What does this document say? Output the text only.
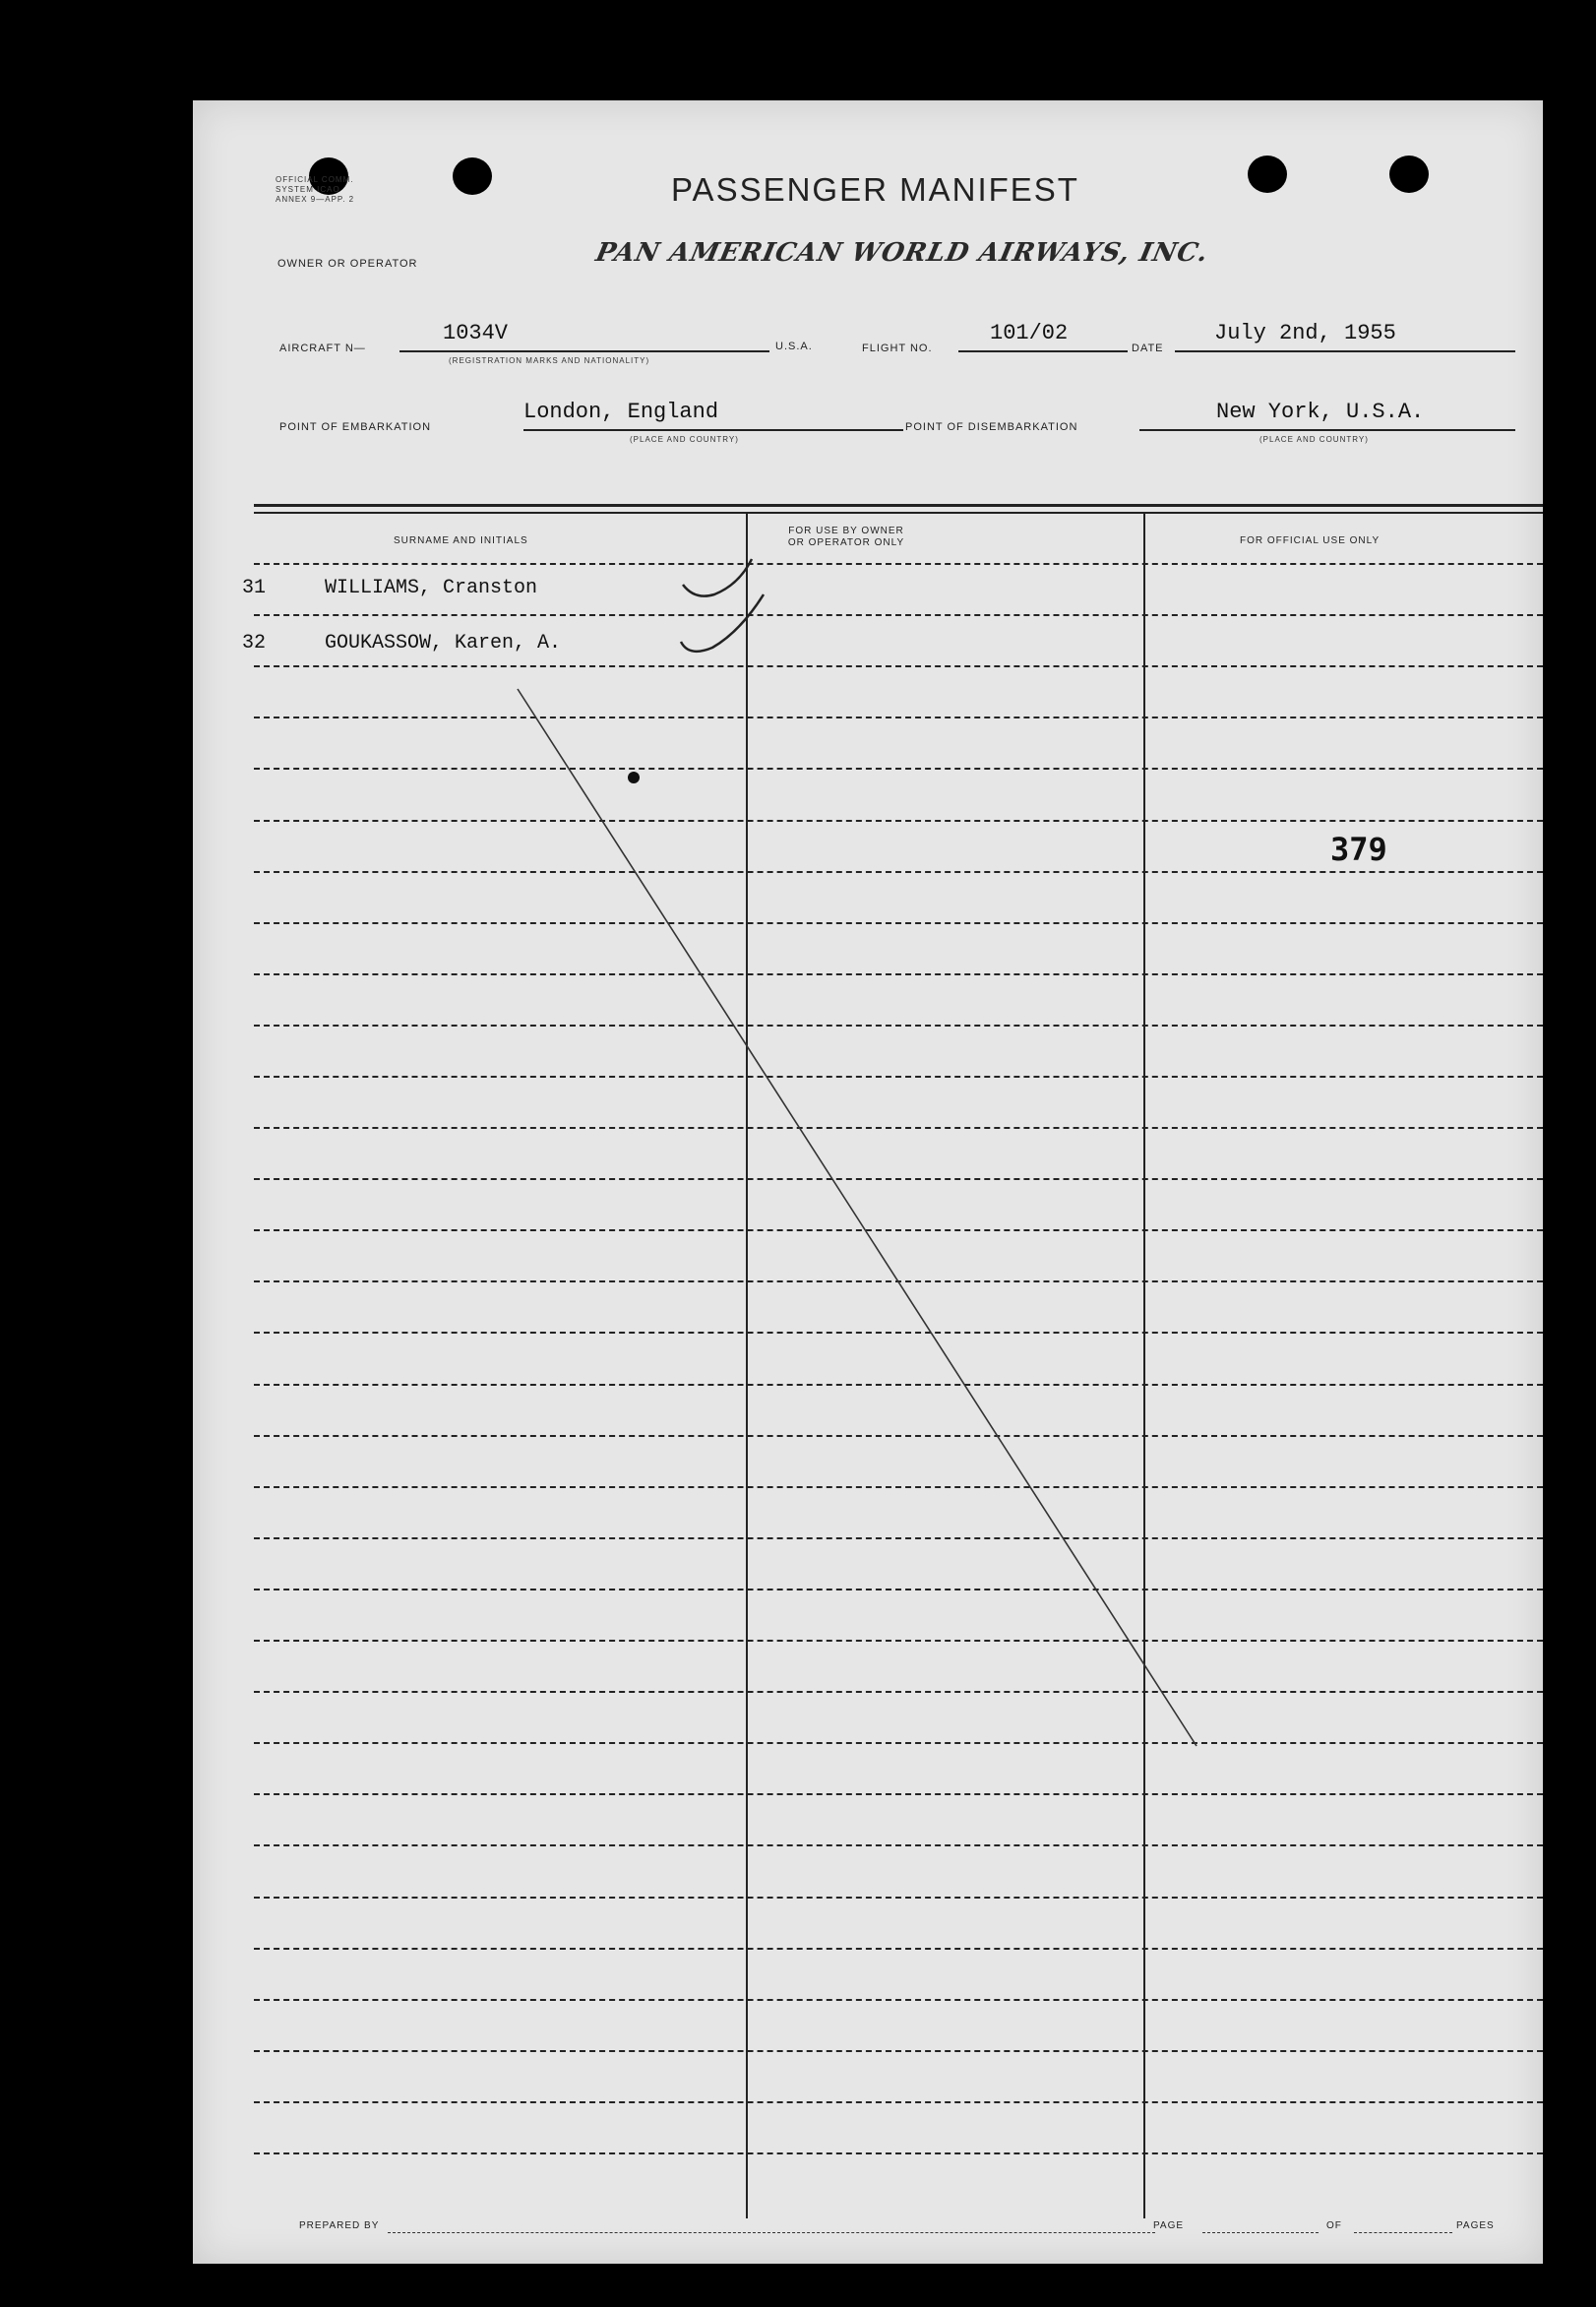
OFFICIAL COMM. SYSTEM ICAO ANNEX 9—APP. 2	PASSENGER MANIFEST
OWNER OR OPERATOR	PAN AMERICAN WORLD AIRWAYS, INC.
AIRCRAFT N—
1034V
(REGISTRATION MARKS AND NATIONALITY)
U.S.A.	FLIGHT NO.
101/02
DATE
July 2nd, 1955
POINT OF EMBARKATION
London, England
(PLACE AND COUNTRY)
POINT OF DISEMBARKATION
New York, U.S.A.
(PLACE AND COUNTRY)
SURNAME AND INITIALS
FOR USE BY OWNER
OR OPERATOR ONLY	FOR OFFICIAL USE ONLY
31	WILLIAMS, Cranston
32	GOUKASSOW, Karen, A.
379
PREPARED BY	PAGE	OF	PAGES
